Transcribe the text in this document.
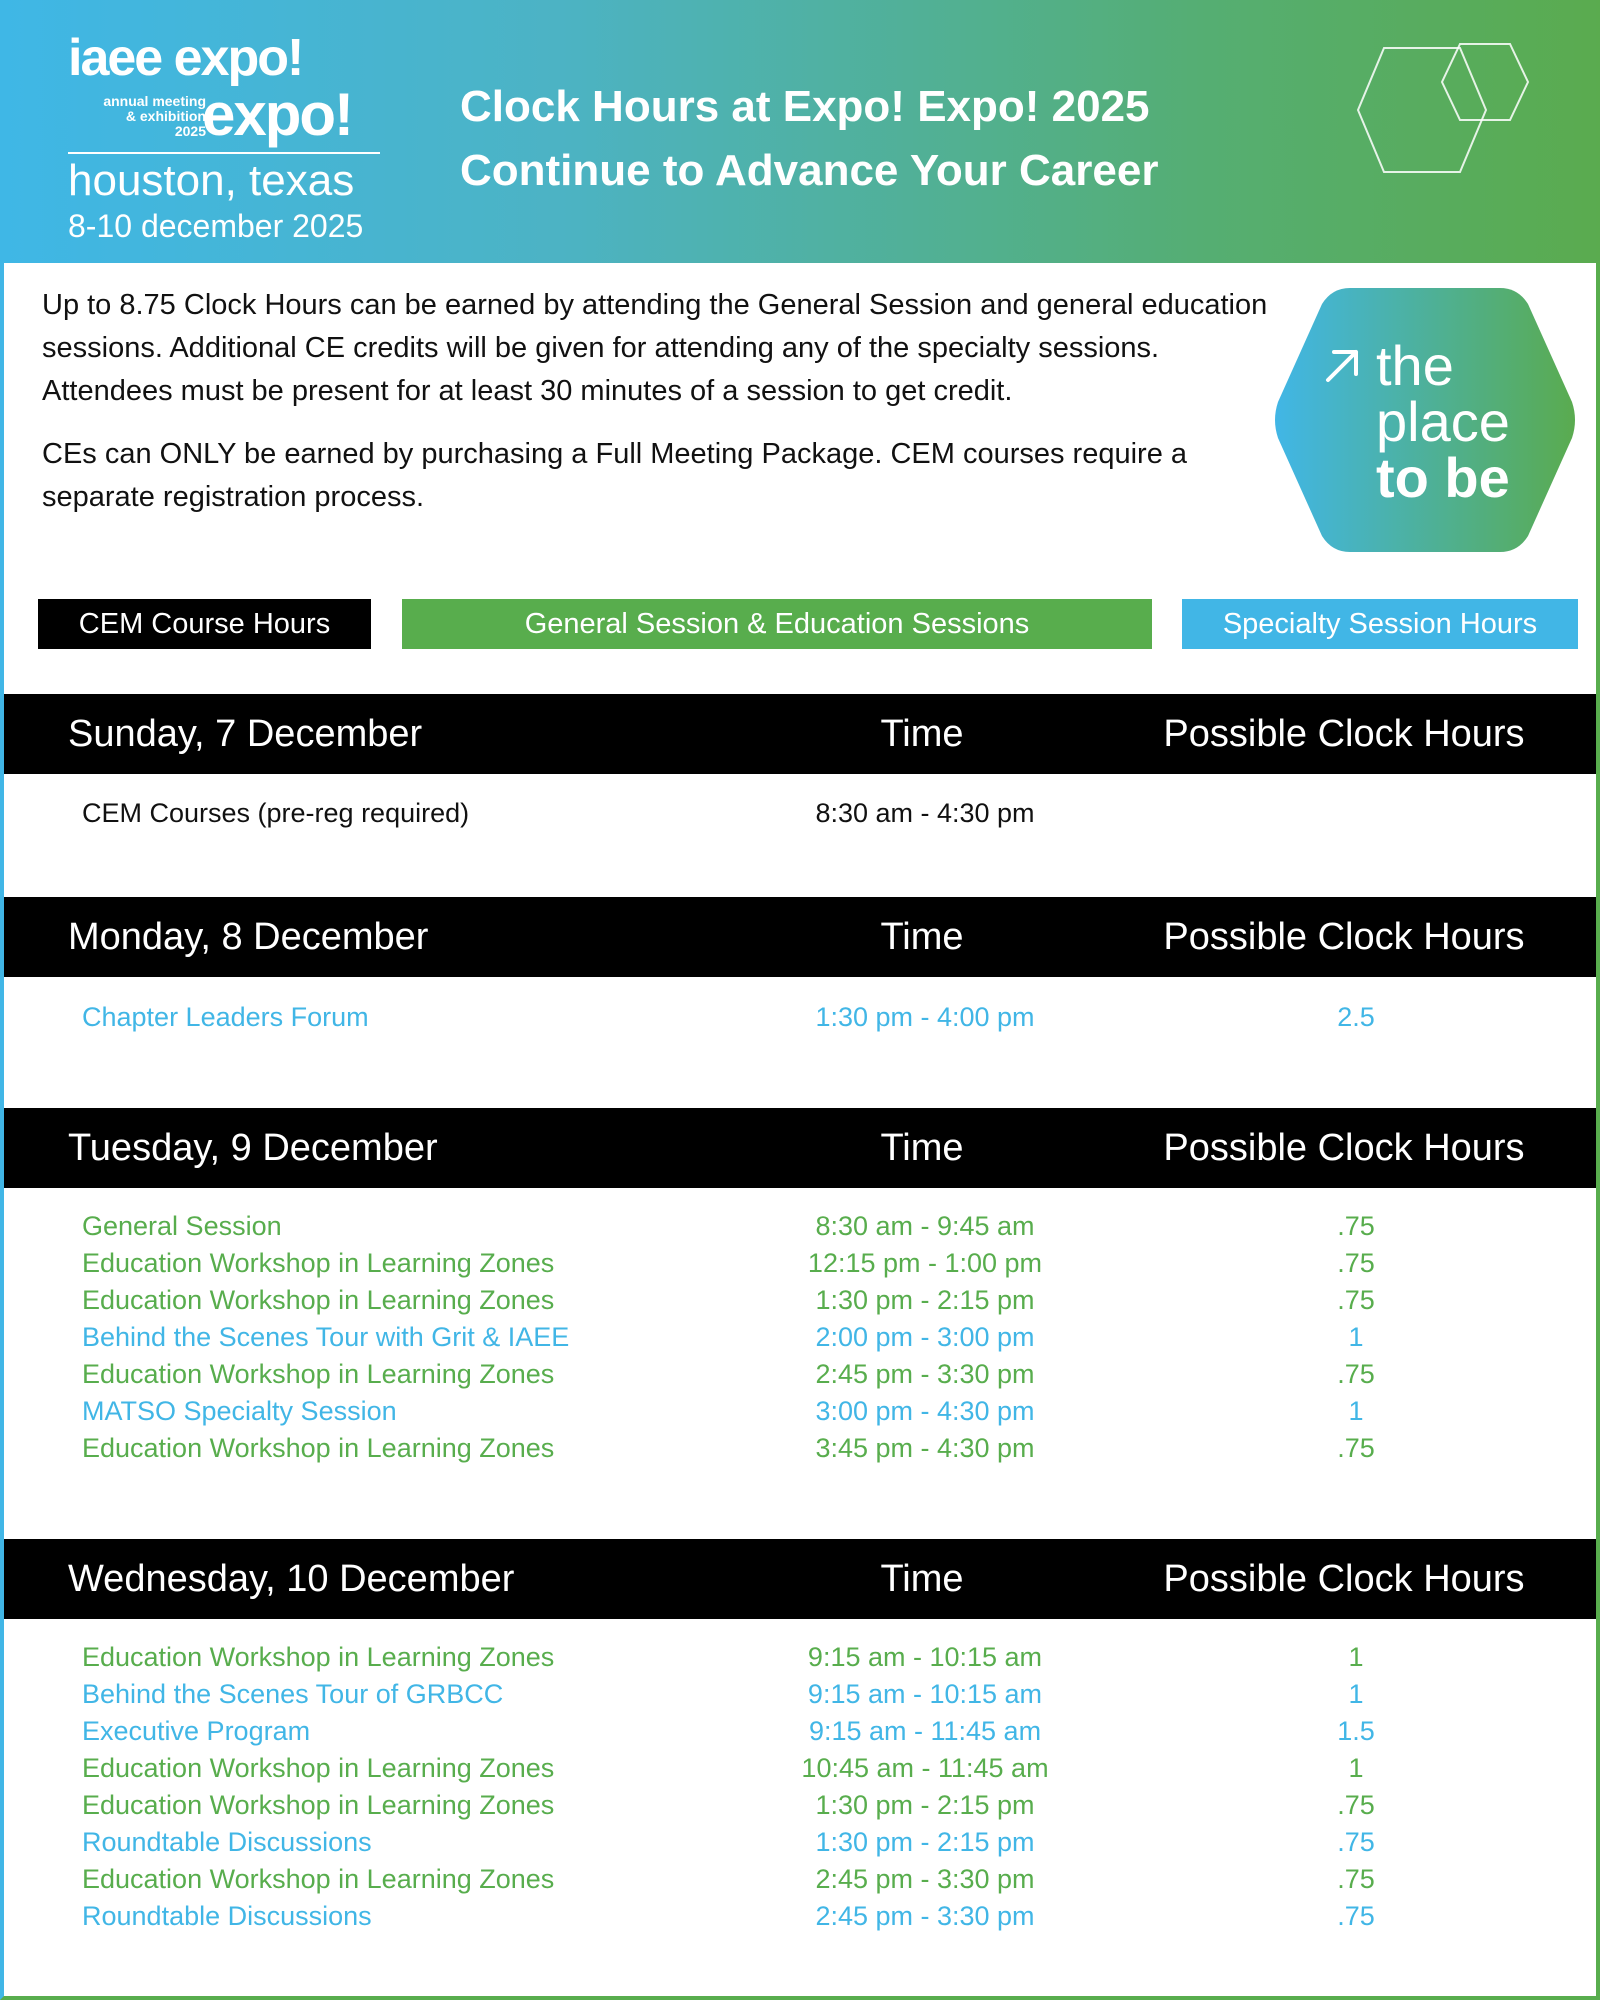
iaee expo!
annual meeting
& exhibition
2025
expo!
houston, texas
8-10 december 2025
Clock Hours at Expo! Expo! 2025
Continue to Advance Your Career

Up to 8.75 Clock Hours can be earned by attending the General Session and general education sessions. Additional CE credits will be given for attending any of the specialty sessions. Attendees must be present for at least 30 minutes of a session to get credit.

CEs can ONLY be earned by purchasing a Full Meeting Package. CEM courses require a separate registration process.

the
place
to be
CEM Course Hours	General Session & Education Sessions	Specialty Session Hours
Sunday, 7 December	Time	Possible Clock Hours
CEM Courses (pre-reg required)	8:30 am - 4:30 pm
Monday, 8 December	Time	Possible Clock Hours
Chapter Leaders Forum	1:30 pm - 4:00 pm	2.5
Tuesday, 9 December	Time	Possible Clock Hours
General Session	8:30 am - 9:45 am	.75
Education Workshop in Learning Zones	12:15 pm - 1:00 pm	.75
Education Workshop in Learning Zones	1:30 pm - 2:15 pm	.75
Behind the Scenes Tour with Grit & IAEE	2:00 pm - 3:00 pm	1
Education Workshop in Learning Zones	2:45 pm - 3:30 pm	.75
MATSO Specialty Session	3:00 pm - 4:30 pm	1
Education Workshop in Learning Zones	3:45 pm - 4:30 pm	.75
Wednesday, 10 December	Time	Possible Clock Hours
Education Workshop in Learning Zones	9:15 am - 10:15 am	1
Behind the Scenes Tour of GRBCC	9:15 am - 10:15 am	1
Executive Program	9:15 am - 11:45 am	1.5
Education Workshop in Learning Zones	10:45 am - 11:45 am	1
Education Workshop in Learning Zones	1:30 pm - 2:15 pm	.75
Roundtable Discussions	1:30 pm - 2:15 pm	.75
Education Workshop in Learning Zones	2:45 pm - 3:30 pm	.75
Roundtable Discussions	2:45 pm - 3:30 pm	.75
